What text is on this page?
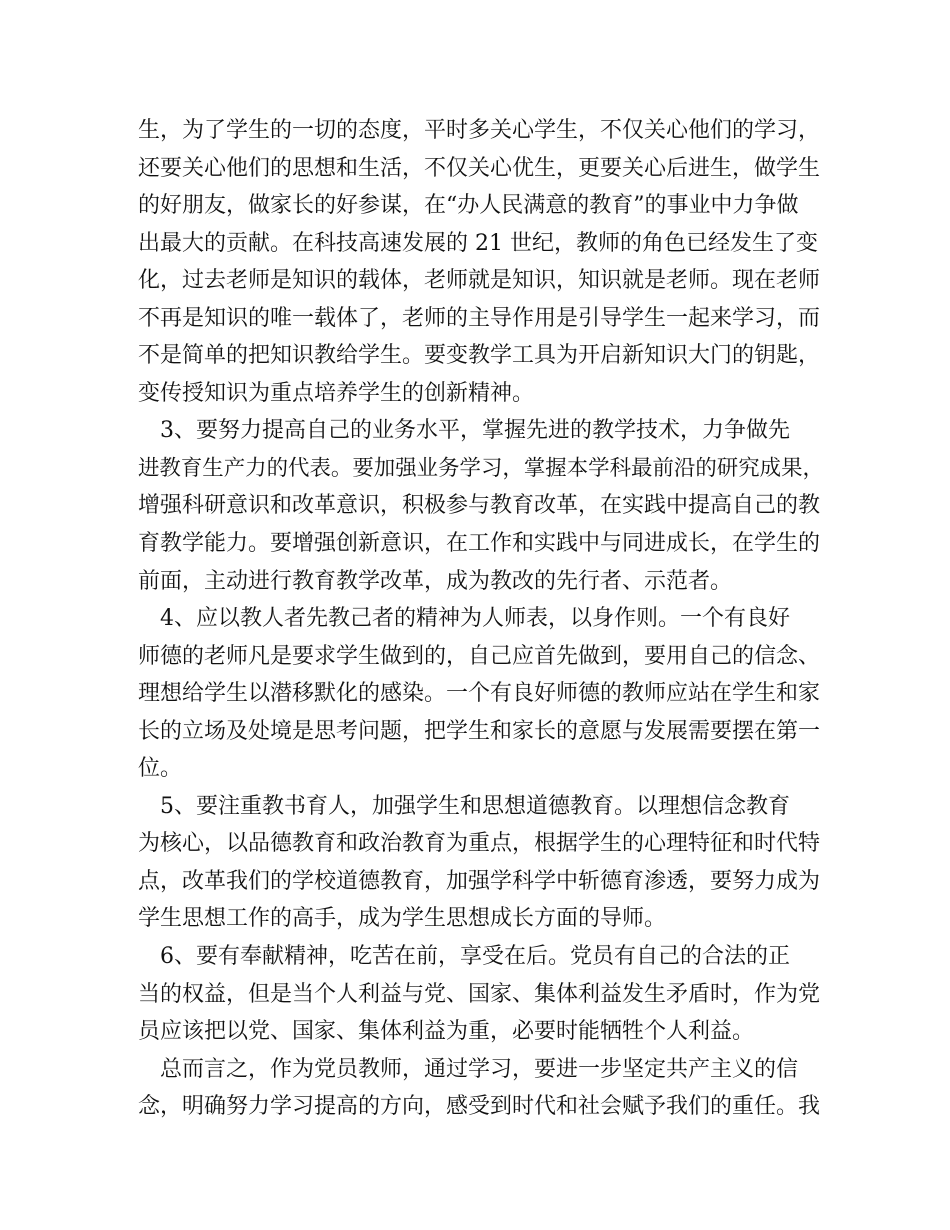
生，为了学生的一切的态度，平时多关心学生，不仅关心他们的学习，
还要关心他们的思想和生活，不仅关心优生，更要关心后进生，做学生
的好朋友，做家长的好参谋，在“办人民满意的教育”的事业中力争做
出最大的贡献。在科技高速发展的 21 世纪，教师的角色已经发生了变
化，过去老师是知识的载体，老师就是知识，知识就是老师。现在老师
不再是知识的唯一载体了，老师的主导作用是引导学生一起来学习，而
不是简单的把知识教给学生。要变教学工具为开启新知识大门的钥匙，
变传授知识为重点培养学生的创新精神。
3、要努力提高自己的业务水平，掌握先进的教学技术，力争做先
进教育生产力的代表。要加强业务学习，掌握本学科最前沿的研究成果，
增强科研意识和改革意识，积极参与教育改革，在实践中提高自己的教
育教学能力。要增强创新意识，在工作和实践中与同进成长，在学生的
前面，主动进行教育教学改革，成为教改的先行者、示范者。
4、应以教人者先教己者的精神为人师表，以身作则。一个有良好
师德的老师凡是要求学生做到的，自己应首先做到，要用自己的信念、
理想给学生以潜移默化的感染。一个有良好师德的教师应站在学生和家
长的立场及处境是思考问题，把学生和家长的意愿与发展需要摆在第一
位。
5、要注重教书育人，加强学生和思想道德教育。以理想信念教育
为核心，以品德教育和政治教育为重点，根据学生的心理特征和时代特
点，改革我们的学校道德教育，加强学科学中斩德育渗透，要努力成为
学生思想工作的高手，成为学生思想成长方面的导师。
6、要有奉献精神，吃苦在前，享受在后。党员有自己的合法的正
当的权益，但是当个人利益与党、国家、集体利益发生矛盾时，作为党
员应该把以党、国家、集体利益为重，必要时能牺牲个人利益。
总而言之，作为党员教师，通过学习，要进一步坚定共产主义的信
念，明确努力学习提高的方向，感受到时代和社会赋予我们的重任。我
